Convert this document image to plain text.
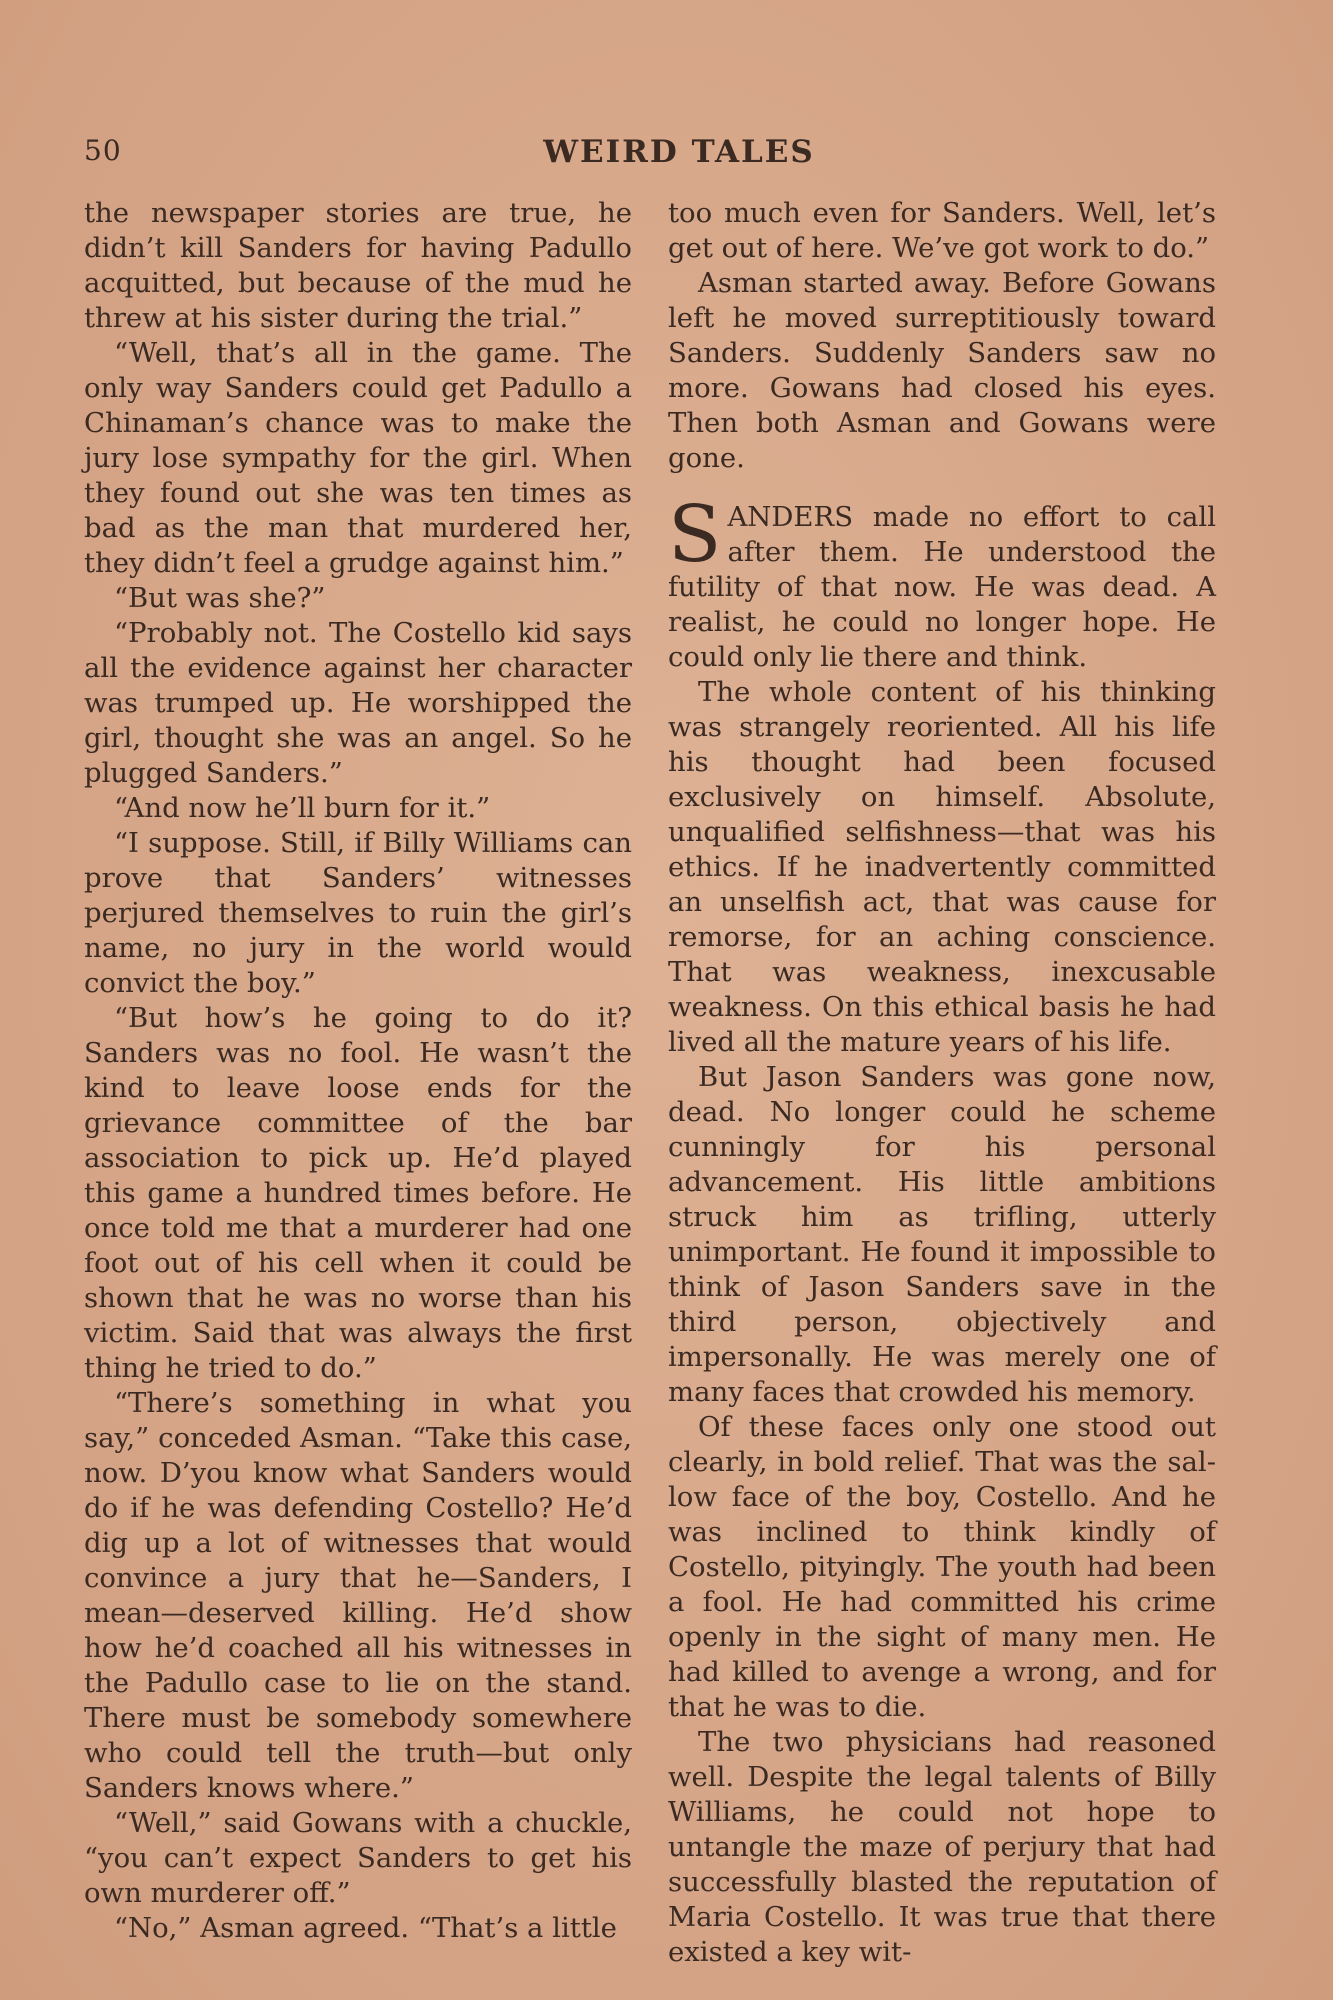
50	WEIRD TALES

the newspaper stories are true, he didn’t kill Sanders for having Padullo acquitted, but because of the mud he threw at his sister during the trial.”

“Well, that’s all in the game. The only way Sanders could get Padullo a Chinaman’s chance was to make the jury lose sympathy for the girl. When they found out she was ten times as bad as the man that murdered her, they didn’t feel a grudge against him.”

“But was she?”

“Probably not. The Costello kid says all the evidence against her character was trumped up. He worshipped the girl, thought she was an angel. So he plugged Sanders.”

“And now he’ll burn for it.”

“I suppose. Still, if Billy Williams can prove that Sanders’ witnesses perjured themselves to ruin the girl’s name, no jury in the world would convict the boy.”

“But how’s he going to do it? Sanders was no fool. He wasn’t the kind to leave loose ends for the grievance committee of the bar association to pick up. He’d played this game a hundred times before. He once told me that a murderer had one foot out of his cell when it could be shown that he was no worse than his victim. Said that was always the first thing he tried to do.”

“There’s something in what you say,” conceded Asman. “Take this case, now. D’you know what Sanders would do if he was defending Costello? He’d dig up a lot of witnesses that would convince a jury that he—Sanders, I mean—deserved killing. He’d show how he’d coached all his witnesses in the Padullo case to lie on the stand. There must be somebody somewhere who could tell the truth—but only Sanders knows where.”

“Well,” said Gowans with a chuckle, “you can’t expect Sanders to get his own murderer off.”

“No,” Asman agreed. “That’s a little

too much even for Sanders. Well, let’s get out of here. We’ve got work to do.”

Asman started away. Before Gowans left he moved surreptitiously toward Sanders. Suddenly Sanders saw no more. Gowans had closed his eyes. Then both Asman and Gowans were gone.

SANDERS made no effort to call after them. He understood the futility of that now. He was dead. A realist, he could no longer hope. He could only lie there and think.

The whole content of his thinking was strangely reoriented. All his life his thought had been focused exclusively on himself. Absolute, unqualified selfishness—that was his ethics. If he inadvertently committed an unselfish act, that was cause for remorse, for an aching conscience. That was weakness, inexcusable weakness. On this ethical basis he had lived all the mature years of his life.

But Jason Sanders was gone now, dead. No longer could he scheme cunningly for his personal advancement. His little ambitions struck him as trifling, utterly unimportant. He found it impossible to think of Jason Sanders save in the third person, objectively and impersonally. He was merely one of many faces that crowded his memory.

Of these faces only one stood out clearly, in bold relief. That was the sallow face of the boy, Costello. And he was inclined to think kindly of Costello, pityingly. The youth had been a fool. He had committed his crime openly in the sight of many men. He had killed to avenge a wrong, and for that he was to die.

The two physicians had reasoned well. Despite the legal talents of Billy Williams, he could not hope to untangle the maze of perjury that had successfully blasted the reputation of Maria Costello. It was true that there existed a key wit-
